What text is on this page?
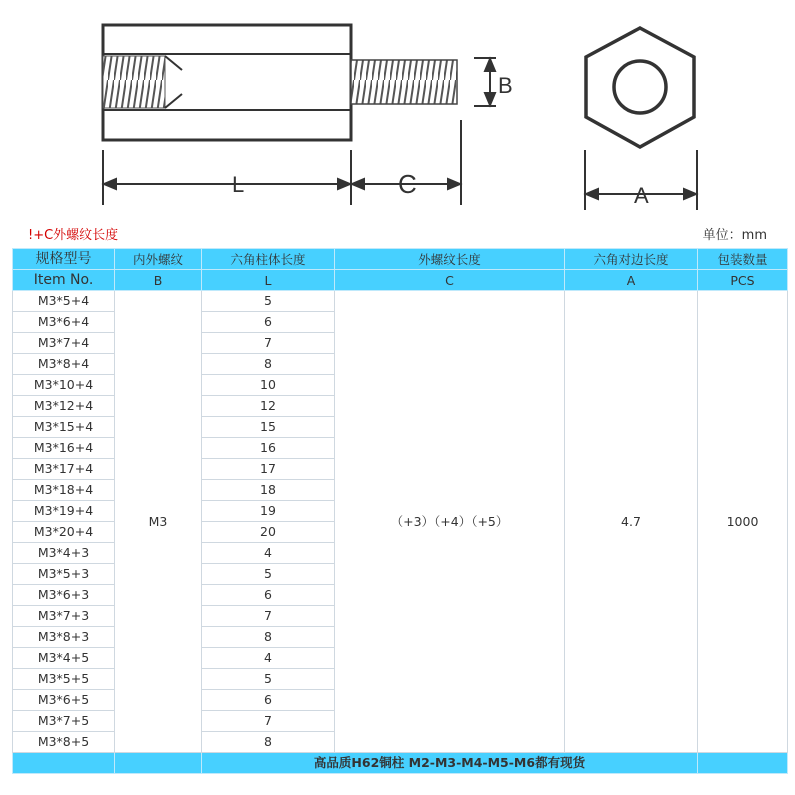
L	C
B
A
!+C外螺纹长度	单位：mm
规格型号	内外螺纹	六角柱体长度	外螺纹长度	六角对边长度	包装数量
Item No.	B	L	C	A	PCS
M3*5+4	M3	5	（+3）（+4）（+5）	4.7	1000
M3*6+4		6			
M3*7+4		7			
M3*8+4		8			
M3*10+4		10			
M3*12+4		12			
M3*15+4		15			
M3*16+4		16			
M3*17+4		17			
M3*18+4		18			
M3*19+4		19			
M3*20+4		20			
M3*4+3		4			
M3*5+3		5			
M3*6+3		6			
M3*7+3		7			
M3*8+3		8			
M3*4+5		4			
M3*5+5		5			
M3*6+5		6			
M3*7+5		7			
M3*8+5		8			
		高品质H62铜柱 M2-M3-M4-M5-M6都有现货			
